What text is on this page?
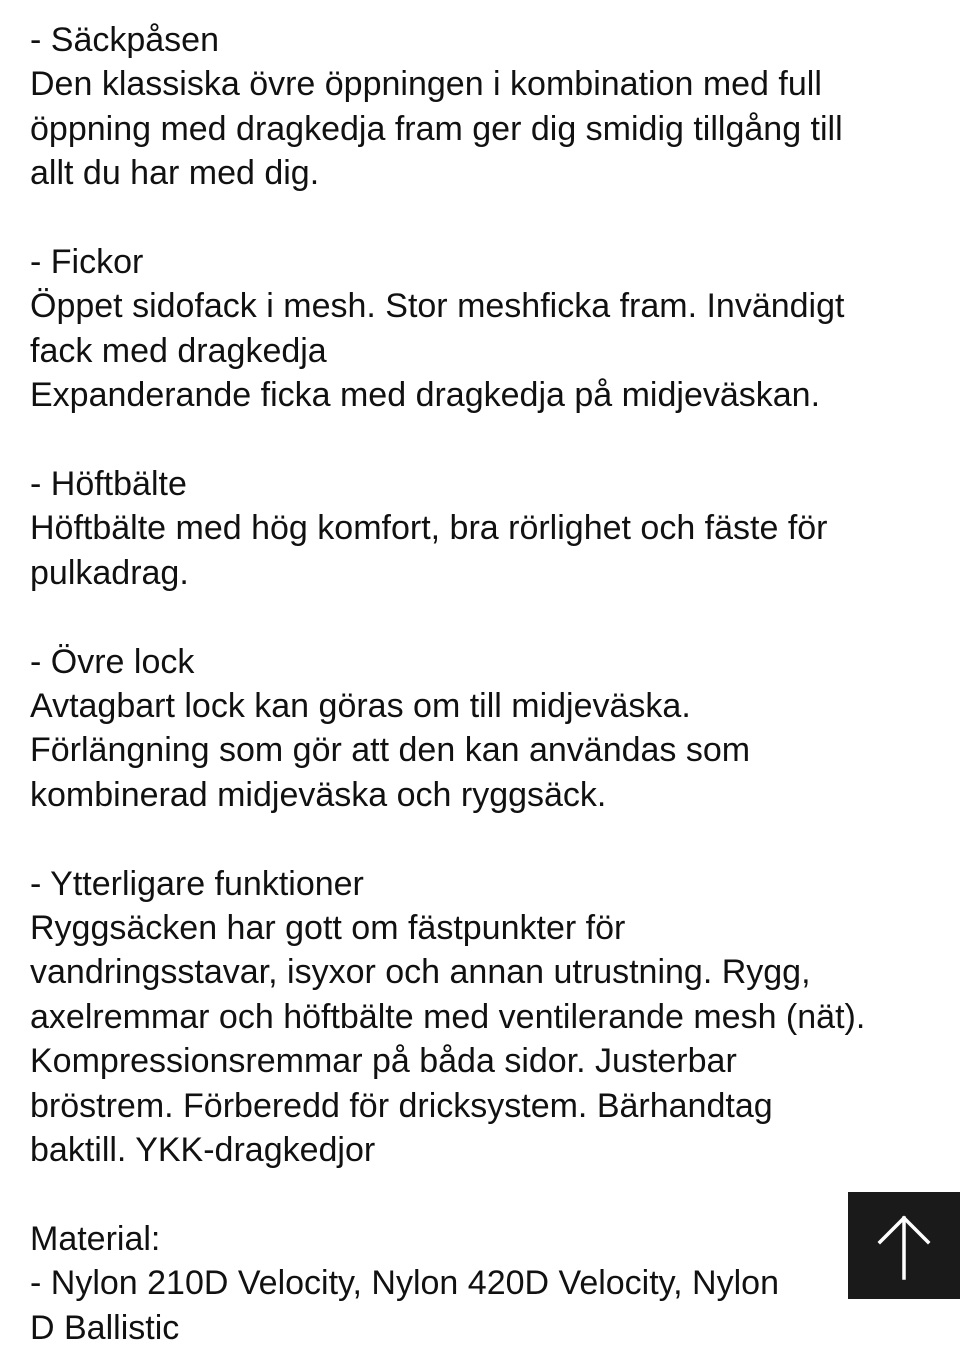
- Säckpåsen

Den klassiska övre öppningen i kombination med full
öppning med dragkedja fram ger dig smidig tillgång till
allt du har med dig.

- Fickor

Öppet sidofack i mesh. Stor meshficka fram. Invändigt
fack med dragkedja
Expanderande ficka med dragkedja på midjeväskan.

- Höftbälte

Höftbälte med hög komfort, bra rörlighet och fäste för
pulkadrag.

- Övre lock

Avtagbart lock kan göras om till midjeväska.
Förlängning som gör att den kan användas som
kombinerad midjeväska och ryggsäck.

- Ytterligare funktioner

Ryggsäcken har gott om fästpunkter för
vandringsstavar, isyxor och annan utrustning. Rygg,
axelremmar och höftbälte med ventilerande mesh (nät).
Kompressionsremmar på båda sidor. Justerbar
bröstrem. Förberedd för dricksystem. Bärhandtag
baktill. YKK-dragkedjor

Material:

- Nylon 210D Velocity, Nylon 420D Velocity, Nylon
D Ballistic
